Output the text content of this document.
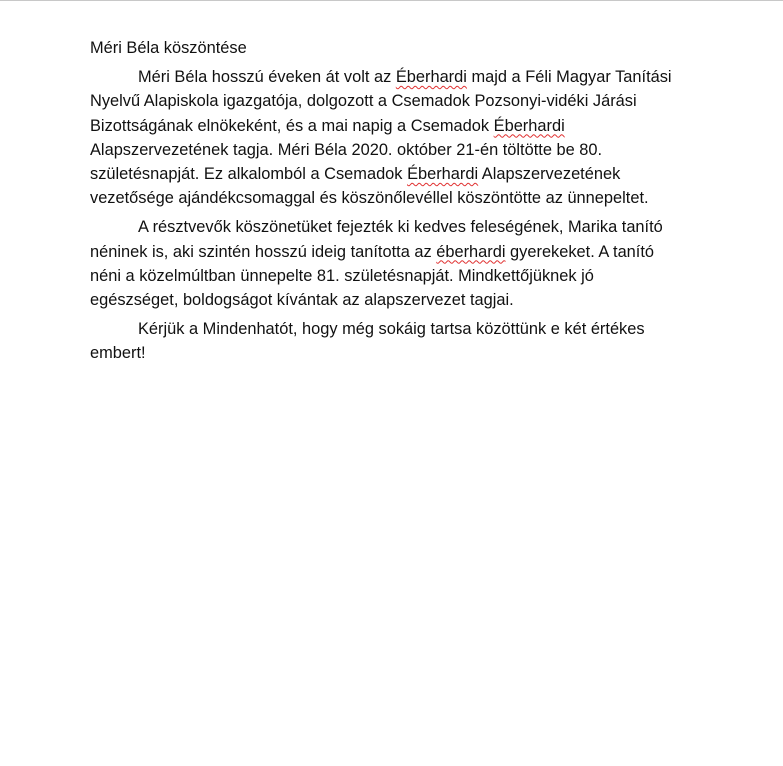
Méri Béla köszöntése
Méri Béla hosszú éveken át volt az Éberhardi majd a Féli Magyar Tanítási
Nyelvű Alapiskola igazgatója, dolgozott a Csemadok Pozsonyi-vidéki Járási
Bizottságának elnökeként, és a mai napig a Csemadok Éberhardi
Alapszervezetének tagja. Méri Béla 2020. október 21-én töltötte be 80.
születésnapját. Ez alkalomból a Csemadok Éberhardi Alapszervezetének
vezetősége ajándékcsomaggal és köszönőlevéllel köszöntötte az ünnepeltet.
A résztvevők köszönetüket fejezték ki kedves feleségének, Marika tanító
néninek is, aki szintén hosszú ideig tanította az éberhardi gyerekeket. A tanító
néni a közelmúltban ünnepelte 81. születésnapját. Mindkettőjüknek jó
egészséget, boldogságot kívántak az alapszervezet tagjai.
Kérjük a Mindenhatót, hogy még sokáig tartsa közöttünk e két értékes
embert!
